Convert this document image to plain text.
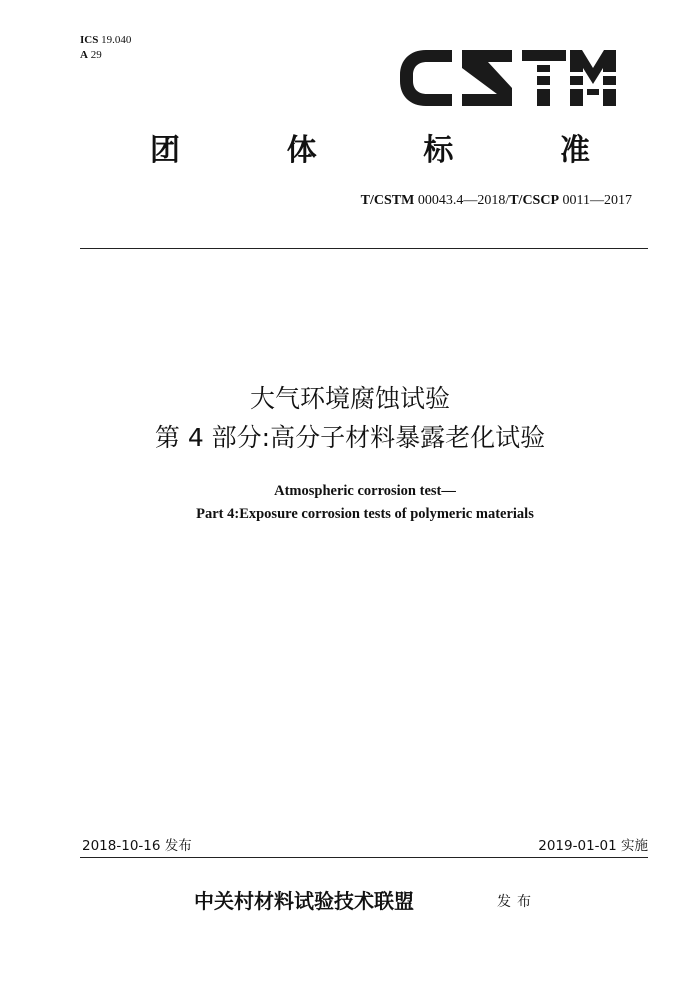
ICS 19.040
A 29
团	体	标	准
T/CSTM 00043.4—2018/T/CSCP 0011—2017
大气环境腐蚀试验
第 4 部分:高分子材料暴露老化试验
Atmospheric corrosion test—
Part 4:Exposure corrosion tests of polymeric materials
2018-10-16 发布	2019-01-01 实施
中关村材料试验技术联盟	发布
